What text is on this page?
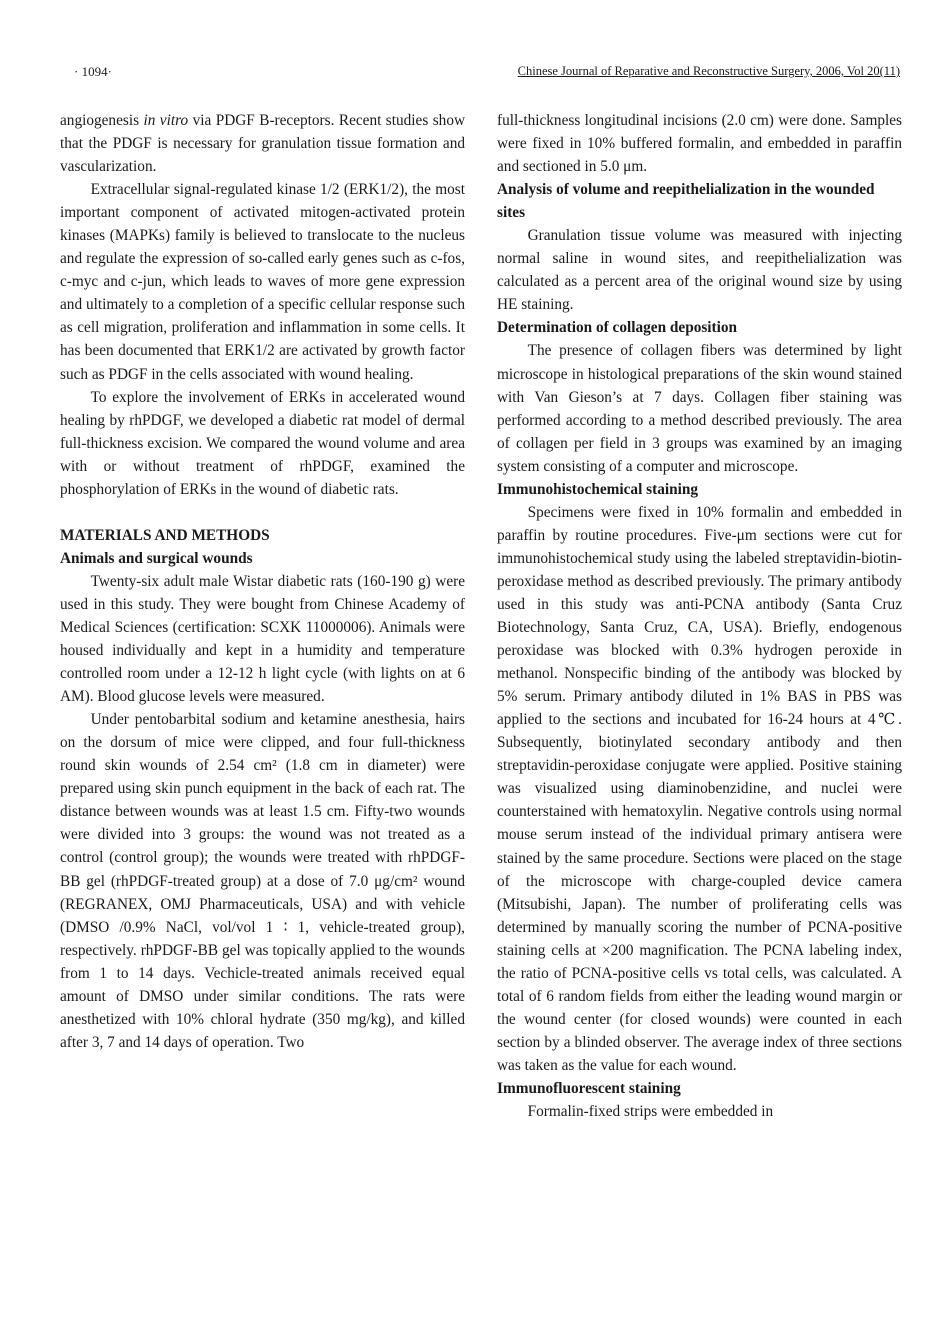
· 1094·	Chinese Journal of Reparative and Reconstructive Surgery, 2006, Vol 20(11)

angiogenesis in vitro via PDGF B-receptors. Recent studies show that the PDGF is necessary for granulation tissue formation and vascularization.

Extracellular signal-regulated kinase 1/2 (ERK1/2), the most important component of activated mitogen-activated protein kinases (MAPKs) family is believed to translocate to the nucleus and regulate the expression of so-called early genes such as c-fos, c-myc and c-jun, which leads to waves of more gene expression and ultimately to a completion of a specific cellular response such as cell migration, proliferation and inflammation in some cells. It has been documented that ERK1/2 are activated by growth factor such as PDGF in the cells associated with wound healing.

To explore the involvement of ERKs in accelerated wound healing by rhPDGF, we developed a diabetic rat model of dermal full-thickness excision. We compared the wound volume and area with or without treatment of rhPDGF, examined the phosphorylation of ERKs in the wound of diabetic rats.

MATERIALS AND METHODS
Animals and surgical wounds

Twenty-six adult male Wistar diabetic rats (160-190 g) were used in this study. They were bought from Chinese Academy of Medical Sciences (certification: SCXK 11000006). Animals were housed individually and kept in a humidity and temperature controlled room under a 12-12 h light cycle (with lights on at 6 AM). Blood glucose levels were measured.

Under pentobarbital sodium and ketamine anesthesia, hairs on the dorsum of mice were clipped, and four full-thickness round skin wounds of 2.54 cm² (1.8 cm in diameter) were prepared using skin punch equipment in the back of each rat. The distance between wounds was at least 1.5 cm. Fifty-two wounds were divided into 3 groups: the wound was not treated as a control (control group); the wounds were treated with rhPDGF-BB gel (rhPDGF-treated group) at a dose of 7.0 μg/cm² wound (REGRANEX, OMJ Pharmaceuticals, USA) and with vehicle (DMSO /0.9% NaCl, vol/vol 1 ∶ 1, vehicle-treated group), respectively. rhPDGF-BB gel was topically applied to the wounds from 1 to 14 days. Vechicle-treated animals received equal amount of DMSO under similar conditions. The rats were anesthetized with 10% chloral hydrate (350 mg/kg), and killed after 3, 7 and 14 days of operation. Two

full-thickness longitudinal incisions (2.0 cm) were done. Samples were fixed in 10% buffered formalin, and embedded in paraffin and sectioned in 5.0 μm.

Analysis of volume and reepithelialization in the wounded sites

Granulation tissue volume was measured with injecting normal saline in wound sites, and reepithelialization was calculated as a percent area of the original wound size by using HE staining.

Determination of collagen deposition

The presence of collagen fibers was determined by light microscope in histological preparations of the skin wound stained with Van Gieson’s at 7 days. Collagen fiber staining was performed according to a method described previously. The area of collagen per field in 3 groups was examined by an imaging system consisting of a computer and microscope.

Immunohistochemical staining

Specimens were fixed in 10% formalin and embedded in paraffin by routine procedures. Five-μm sections were cut for immunohistochemical study using the labeled streptavidin-biotin-peroxidase method as described previously. The primary antibody used in this study was anti-PCNA antibody (Santa Cruz Biotechnology, Santa Cruz, CA, USA). Briefly, endogenous peroxidase was blocked with 0.3% hydrogen peroxide in methanol. Nonspecific binding of the antibody was blocked by 5% serum. Primary antibody diluted in 1% BAS in PBS was applied to the sections and incubated for 16-24 hours at 4℃. Subsequently, biotinylated secondary antibody and then streptavidin-peroxidase conjugate were applied. Positive staining was visualized using diaminobenzidine, and nuclei were counterstained with hematoxylin. Negative controls using normal mouse serum instead of the individual primary antisera were stained by the same procedure. Sections were placed on the stage of the microscope with charge-coupled device camera (Mitsubishi, Japan). The number of proliferating cells was determined by manually scoring the number of PCNA-positive staining cells at ×200 magnification. The PCNA labeling index, the ratio of PCNA-positive cells vs total cells, was calculated. A total of 6 random fields from either the leading wound margin or the wound center (for closed wounds) were counted in each section by a blinded observer. The average index of three sections was taken as the value for each wound.

Immunofluorescent staining

Formalin-fixed strips were embedded in
